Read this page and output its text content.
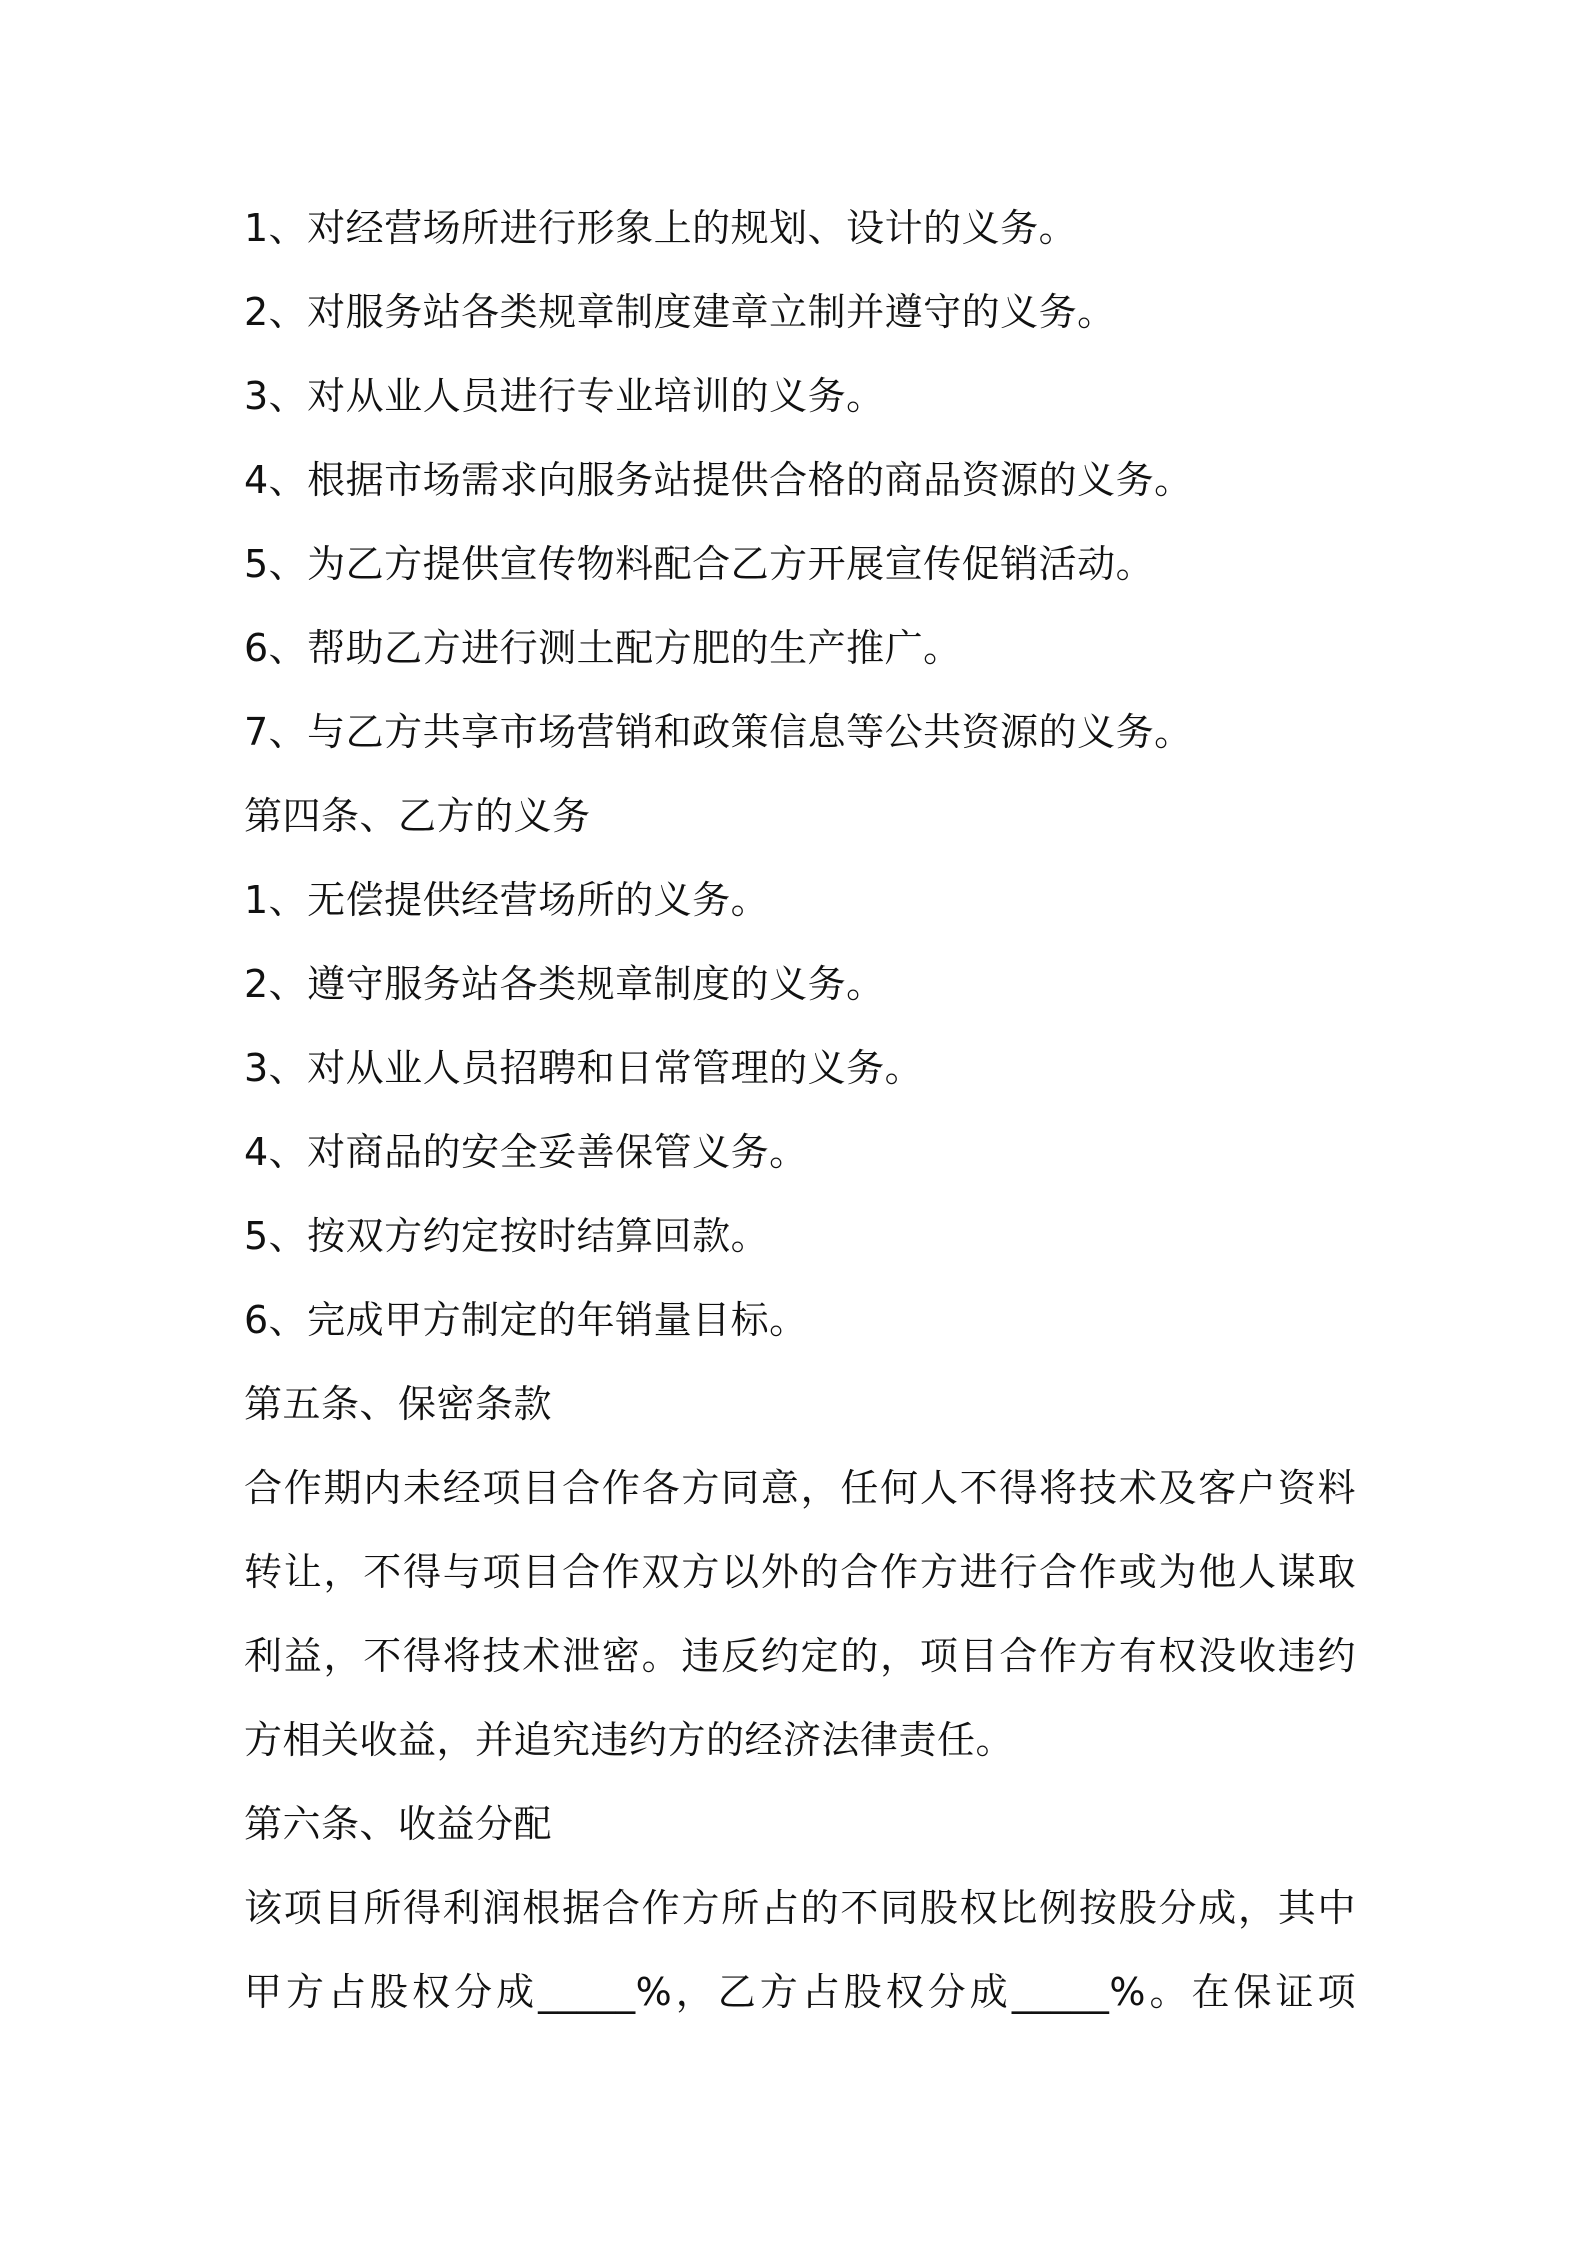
1、对经营场所进行形象上的规划、设计的义务。
2、对服务站各类规章制度建章立制并遵守的义务。
3、对从业人员进行专业培训的义务。
4、根据市场需求向服务站提供合格的商品资源的义务。
5、为乙方提供宣传物料配合乙方开展宣传促销活动。
6、帮助乙方进行测土配方肥的生产推广。
7、与乙方共享市场营销和政策信息等公共资源的义务。
第四条、乙方的义务
1、无偿提供经营场所的义务。
2、遵守服务站各类规章制度的义务。
3、对从业人员招聘和日常管理的义务。
4、对商品的安全妥善保管义务。
5、按双方约定按时结算回款。
6、完成甲方制定的年销量目标。
第五条、保密条款
合作期内未经项目合作各方同意，任何人不得将技术及客户资料
转让，不得与项目合作双方以外的合作方进行合作或为他人谋取
利益，不得将技术泄密。违反约定的，项目合作方有权没收违约
方相关收益，并追究违约方的经济法律责任。
第六条、收益分配
该项目所得利润根据合作方所占的不同股权比例按股分成，其中
甲方占股权分成_____%，乙方占股权分成_____%。在保证项
